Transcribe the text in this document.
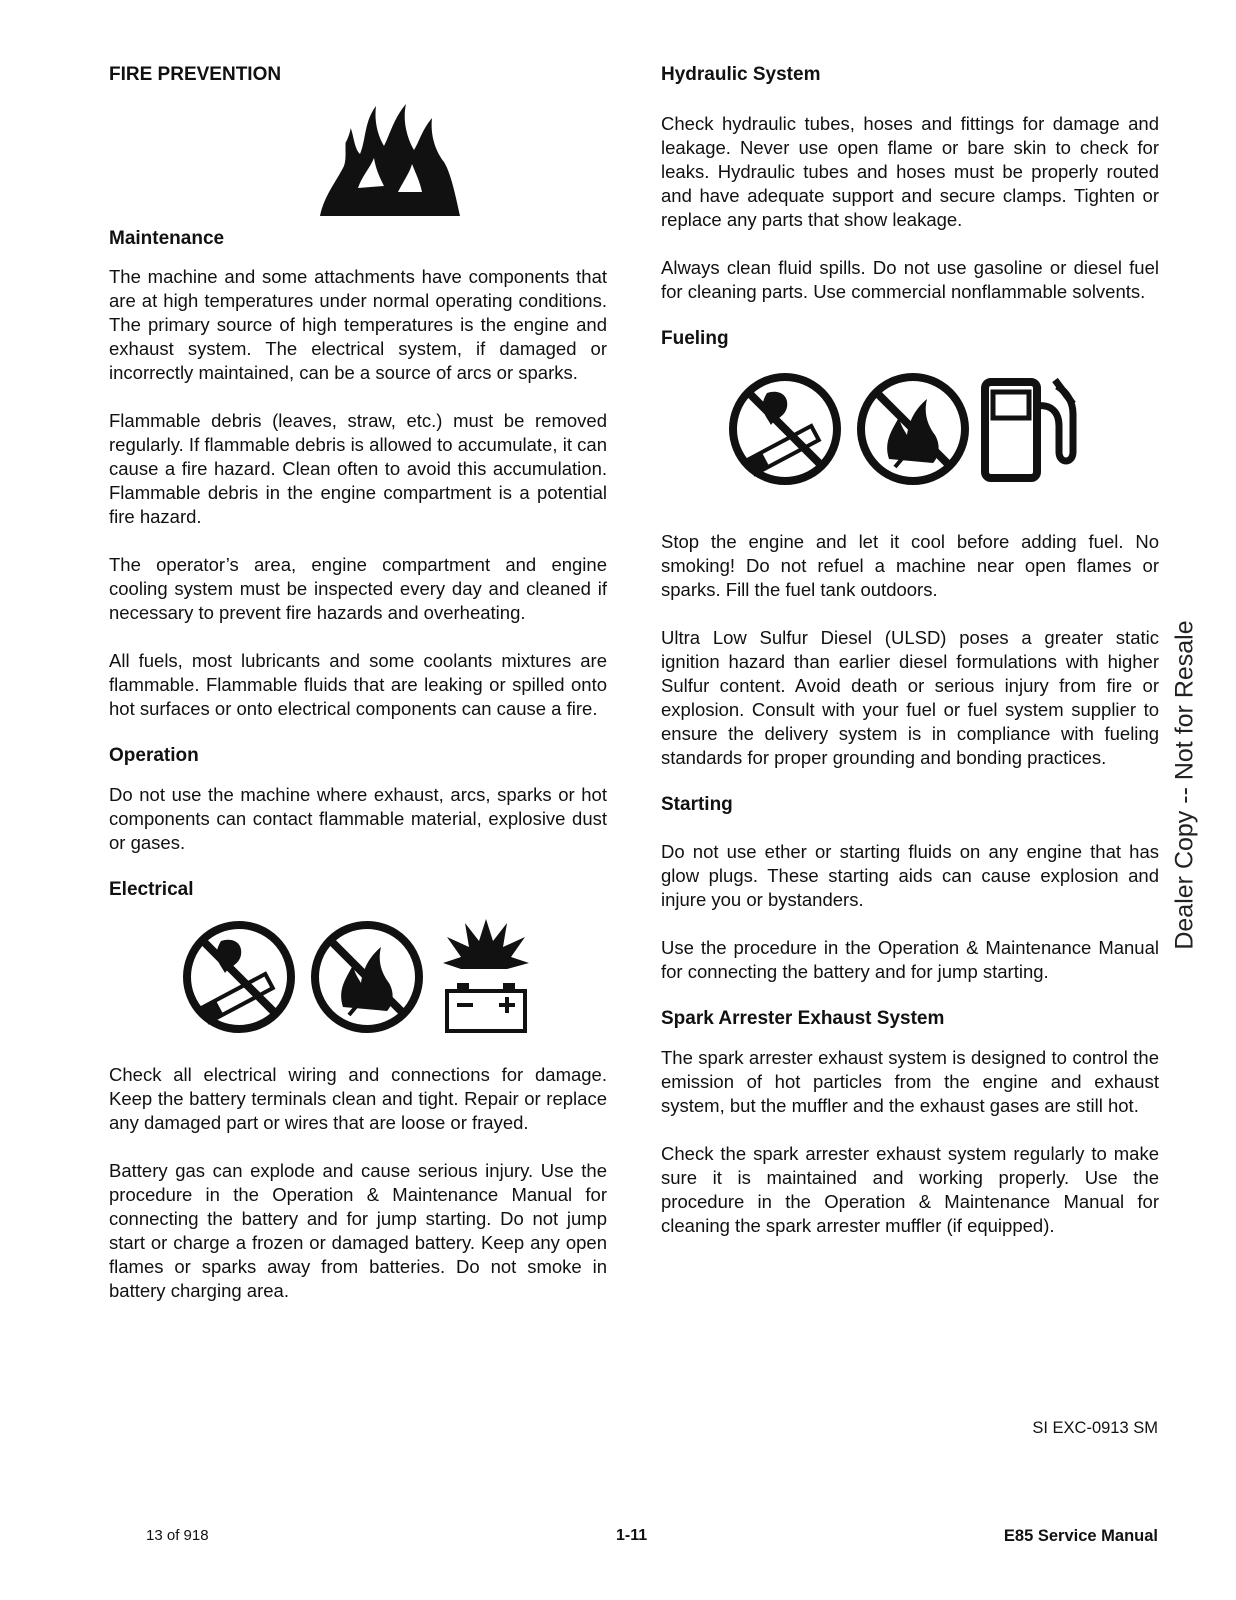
FIRE PREVENTION
Maintenance

The machine and some attachments have components that are at high temperatures under normal operating conditions. The primary source of high temperatures is the engine and exhaust system. The electrical system, if damaged or incorrectly maintained, can be a source of arcs or sparks.

Flammable debris (leaves, straw, etc.) must be removed regularly. If flammable debris is allowed to accumulate, it can cause a fire hazard. Clean often to avoid this accumulation. Flammable debris in the engine compartment is a potential fire hazard.

The operator’s area, engine compartment and engine cooling system must be inspected every day and cleaned if necessary to prevent fire hazards and overheating.

All fuels, most lubricants and some coolants mixtures are flammable. Flammable fluids that are leaking or spilled onto hot surfaces or onto electrical components can cause a fire.

Operation

Do not use the machine where exhaust, arcs, sparks or hot components can contact flammable material, explosive dust or gases.

Electrical

Check all electrical wiring and connections for damage. Keep the battery terminals clean and tight. Repair or replace any damaged part or wires that are loose or frayed.

Battery gas can explode and cause serious injury. Use the procedure in the Operation & Maintenance Manual for connecting the battery and for jump starting. Do not jump start or charge a frozen or damaged battery. Keep any open flames or sparks away from batteries. Do not smoke in battery charging area.

Hydraulic System

Check hydraulic tubes, hoses and fittings for damage and leakage. Never use open flame or bare skin to check for leaks. Hydraulic tubes and hoses must be properly routed and have adequate support and secure clamps. Tighten or replace any parts that show leakage.

Always clean fluid spills. Do not use gasoline or diesel fuel for cleaning parts. Use commercial nonflammable solvents.

Fueling

Stop the engine and let it cool before adding fuel. No smoking! Do not refuel a machine near open flames or sparks. Fill the fuel tank outdoors.

Ultra Low Sulfur Diesel (ULSD) poses a greater static ignition hazard than earlier diesel formulations with higher Sulfur content. Avoid death or serious injury from fire or explosion. Consult with your fuel or fuel system supplier to ensure the delivery system is in compliance with fueling standards for proper grounding and bonding practices.

Starting

Do not use ether or starting fluids on any engine that has glow plugs. These starting aids can cause explosion and injure you or bystanders.

Use the procedure in the Operation & Maintenance Manual for connecting the battery and for jump starting.

Spark Arrester Exhaust System

The spark arrester exhaust system is designed to control the emission of hot particles from the engine and exhaust system, but the muffler and the exhaust gases are still hot.

Check the spark arrester exhaust system regularly to make sure it is maintained and working properly. Use the procedure in the Operation & Maintenance Manual for cleaning the spark arrester muffler (if equipped).

Dealer Copy -- Not for Resale
SI EXC-0913 SM
13 of 918	1-11	E85 Service Manual
